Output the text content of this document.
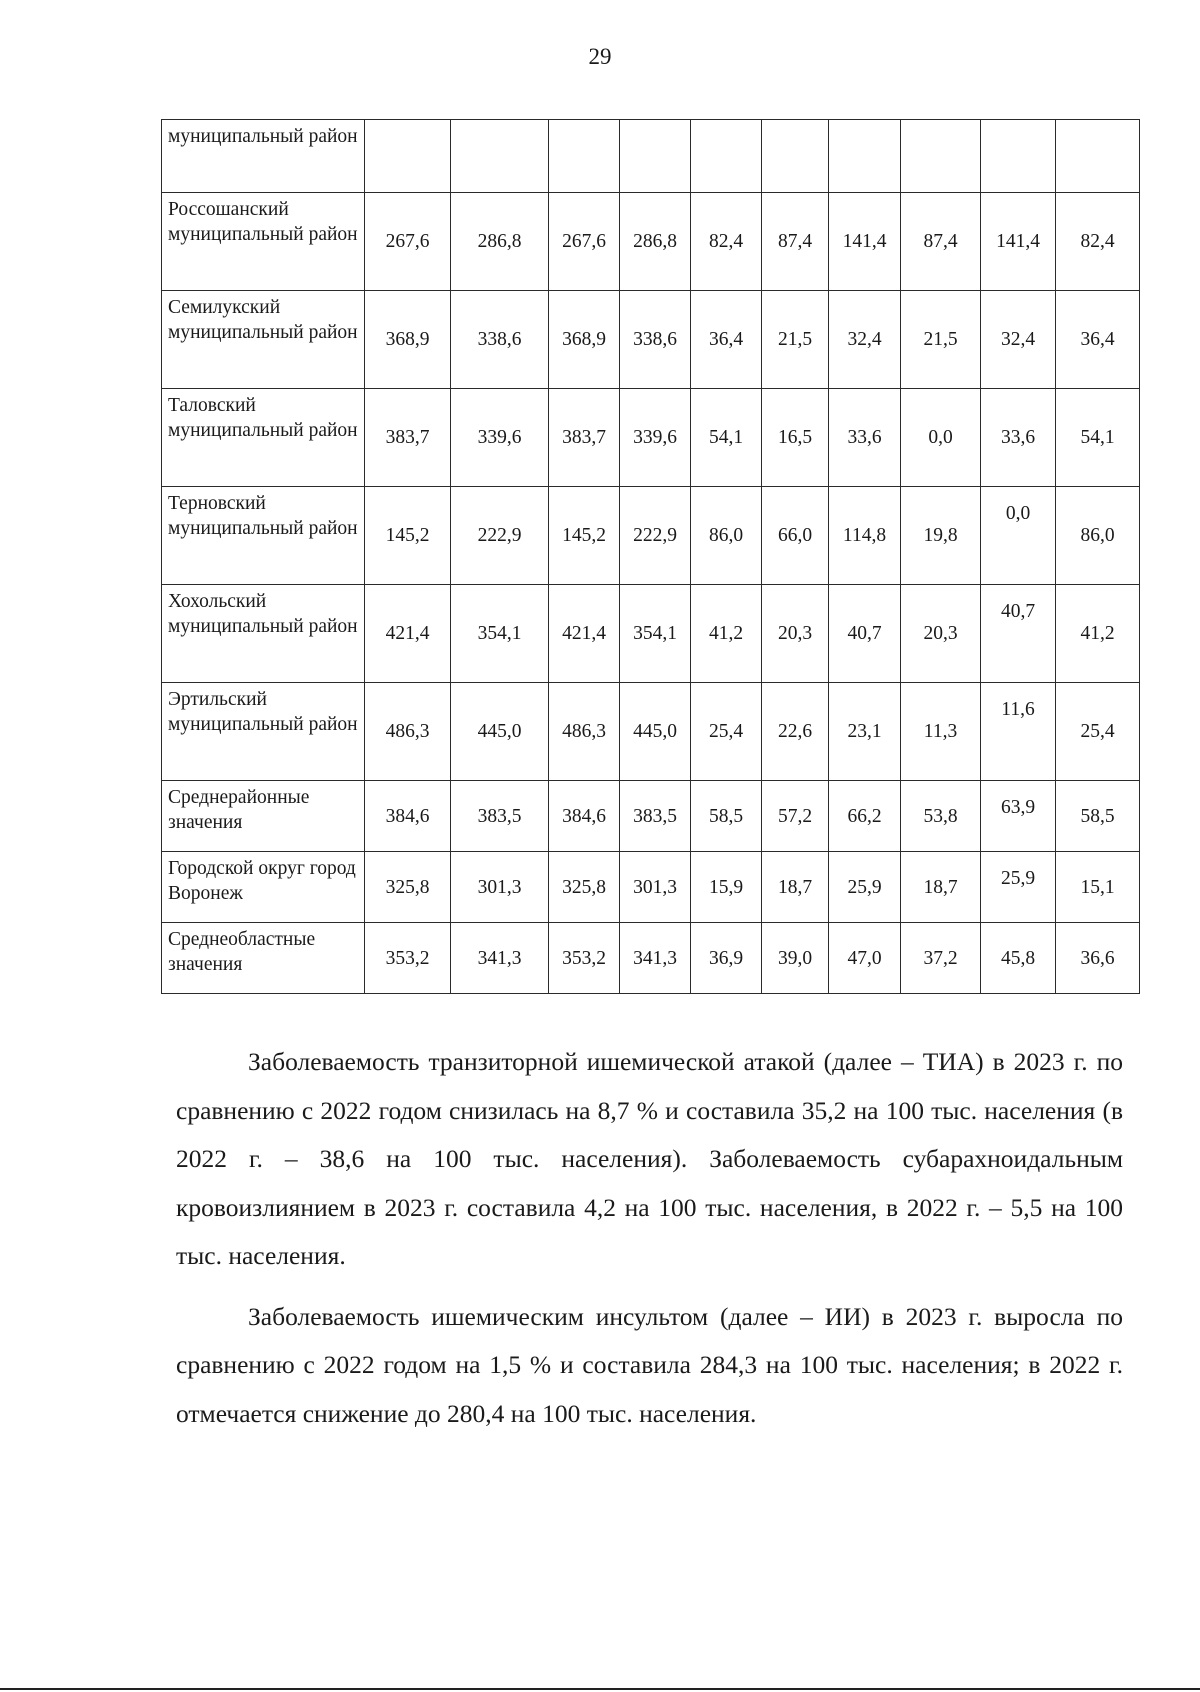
29
муниципальный район										
Россошанский муниципальный район	267,6	286,8	267,6	286,8	82,4	87,4	141,4	87,4	141,4	82,4
Семилукский муниципальный район	368,9	338,6	368,9	338,6	36,4	21,5	32,4	21,5	32,4	36,4
Таловский муниципальный район	383,7	339,6	383,7	339,6	54,1	16,5	33,6	0,0	33,6	54,1
Терновский муниципальный район	145,2	222,9	145,2	222,9	86,0	66,0	114,8	19,8	0,0	86,0
Хохольский муниципальный район	421,4	354,1	421,4	354,1	41,2	20,3	40,7	20,3	40,7	41,2
Эртильский муниципальный район	486,3	445,0	486,3	445,0	25,4	22,6	23,1	11,3	11,6	25,4
Среднерайонные значения	384,6	383,5	384,6	383,5	58,5	57,2	66,2	53,8	63,9	58,5
Городской округ город Воронеж	325,8	301,3	325,8	301,3	15,9	18,7	25,9	18,7	25,9	15,1
Среднеобластные значения	353,2	341,3	353,2	341,3	36,9	39,0	47,0	37,2	45,8	36,6

Заболеваемость транзиторной ишемической атакой (далее – ТИА) в 2023 г. по сравнению с 2022 годом снизилась на 8,7 % и составила 35,2 на 100 тыс. населения (в 2022 г. – 38,6 на 100 тыс. населения). Заболеваемость субарахноидальным кровоизлиянием в 2023 г. составила 4,2 на 100 тыс. населения, в 2022 г. – 5,5 на 100 тыс. населения.

Заболеваемость ишемическим инсультом (далее – ИИ) в 2023 г. выросла по сравнению с 2022 годом на 1,5 % и составила 284,3 на 100 тыс. населения; в 2022 г. отмечается снижение до 280,4 на 100 тыс. населения.
